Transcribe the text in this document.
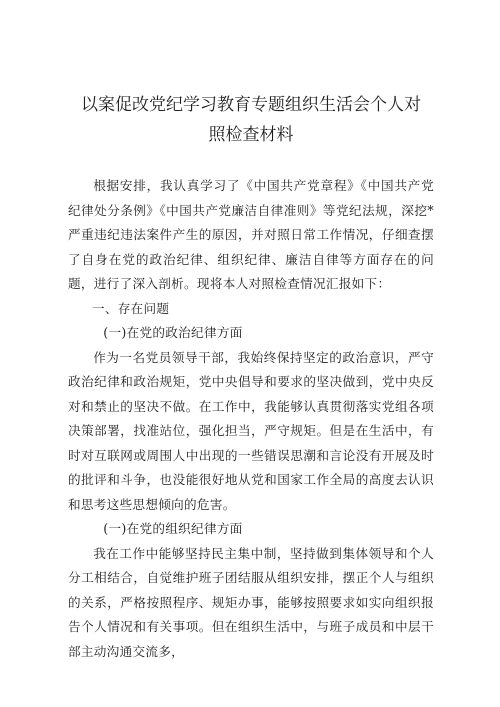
以案促改党纪学习教育专题组织生活会个人对照检查材料

根据安排，我认真学习了《中国共产党章程》《中国共产党纪律处分条例》《中国共产党廉洁自律准则》等党纪法规，深挖*严重违纪违法案件产生的原因，并对照日常工作情况，仔细查摆了自身在党的政治纪律、组织纪律、廉洁自律等方面存在的问题，进行了深入剖析。现将本人对照检查情况汇报如下：

一、存在问题

(一)在党的政治纪律方面

作为一名党员领导干部，我始终保持坚定的政治意识，严守政治纪律和政治规矩，党中央倡导和要求的坚决做到，党中央反对和禁止的坚决不做。在工作中，我能够认真贯彻落实党组各项决策部署，找准站位，强化担当，严守规矩。但是在生活中，有时对互联网或周围人中出现的一些错误思潮和言论没有开展及时的批评和斗争，也没能很好地从党和国家工作全局的高度去认识和思考这些思想倾向的危害。

(一)在党的组织纪律方面

我在工作中能够坚持民主集中制，坚持做到集体领导和个人分工相结合，自觉维护班子团结服从组织安排，摆正个人与组织的关系，严格按照程序、规矩办事，能够按照要求如实向组织报告个人情况和有关事项。但在组织生活中，与班子成员和中层干部主动沟通交流多，
